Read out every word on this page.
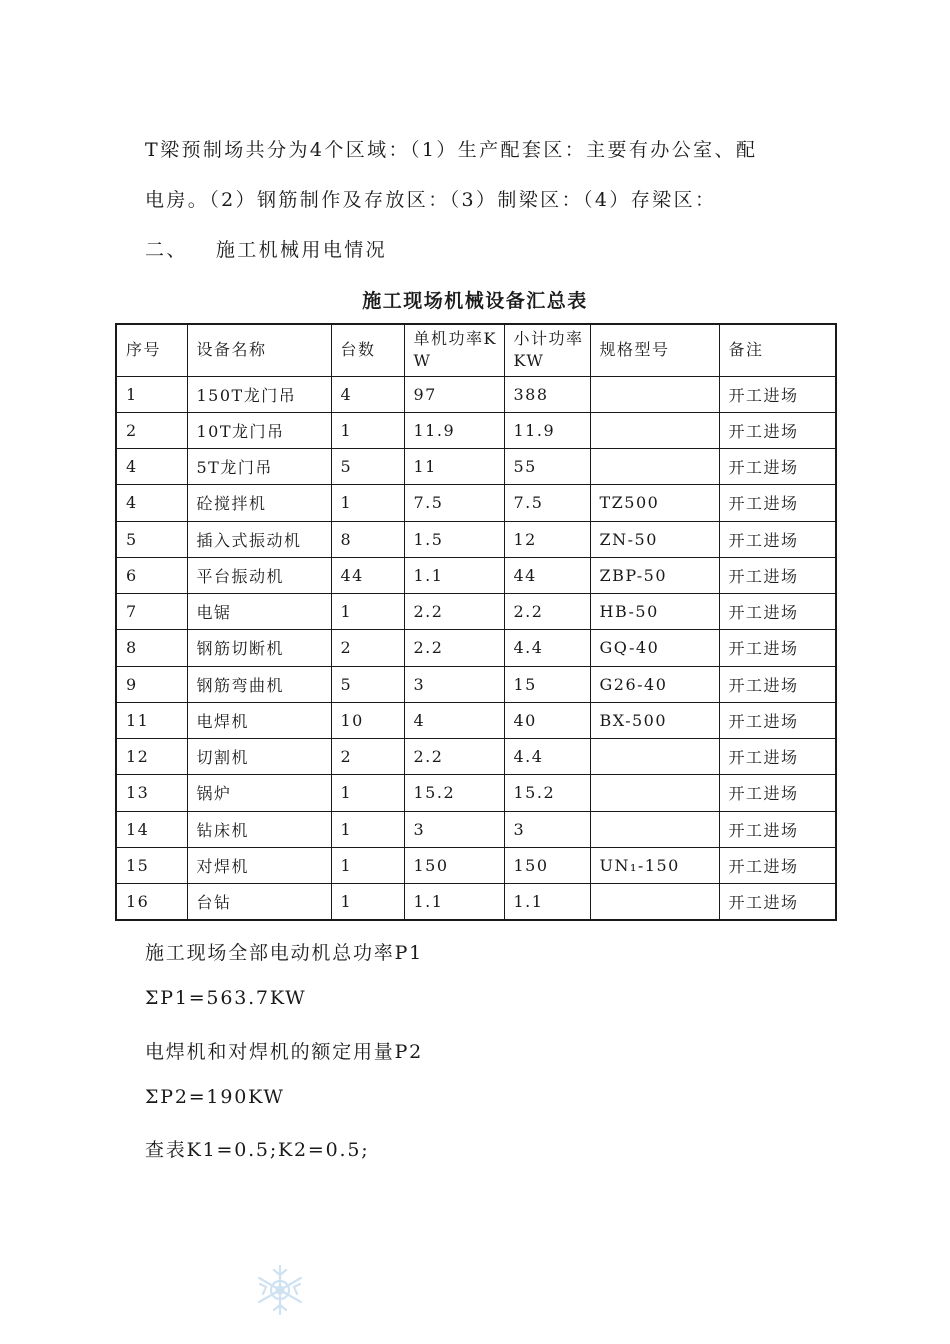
T梁预制场共分为4个区域：（1）生产配套区：主要有办公室、配

电房。（2）钢筋制作及存放区：（3）制梁区：（4）存梁区：

二、 施工机械用电情况

施工现场机械设备汇总表
序号	设备名称	台数	单机功率KW	小计功率KW	规格型号	备注
1	150T龙门吊	4	97	388		开工进场
2	10T龙门吊	1	11.9	11.9		开工进场
4	5T龙门吊	5	11	55		开工进场
4	砼搅拌机	1	7.5	7.5	TZ500	开工进场
5	插入式振动机	8	1.5	12	ZN-50	开工进场
6	平台振动机	44	1.1	44	ZBP-50	开工进场
7	电锯	1	2.2	2.2	HB-50	开工进场
8	钢筋切断机	2	2.2	4.4	GQ-40	开工进场
9	钢筋弯曲机	5	3	15	G26-40	开工进场
11	电焊机	10	4	40	BX-500	开工进场
12	切割机	2	2.2	4.4		开工进场
13	锅炉	1	15.2	15.2		开工进场
14	钻床机	1	3	3		开工进场
15	对焊机	1	150	150	UN₁-150	开工进场
16	台钻	1	1.1	1.1		开工进场

施工现场全部电动机总功率P1

ΣP1=563.7KW

电焊机和对焊机的额定用量P2

ΣP2=190KW

查表K1=0.5;K2=0.5;
